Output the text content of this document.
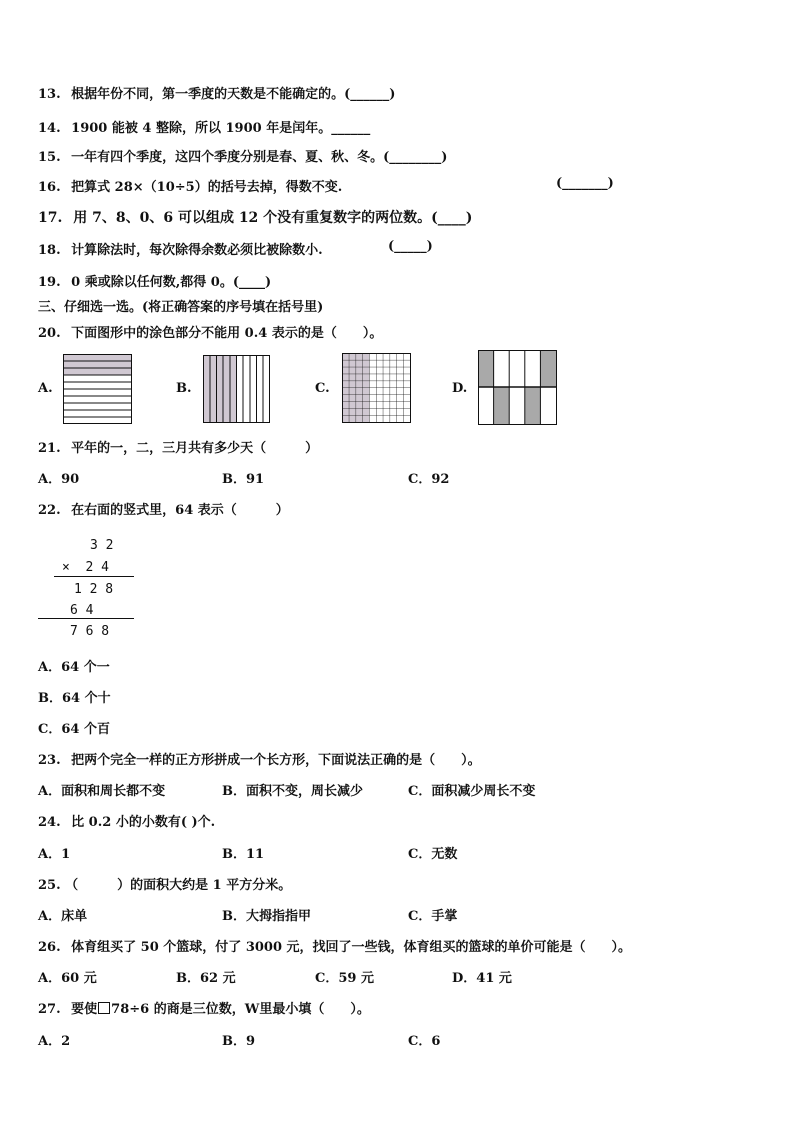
13. 根据年份不同，第一季度的天数是不能确定的。(______)
14. 1900 能被 4 整除，所以 1900 年是闰年。______
15. 一年有四个季度，这四个季度分别是春、夏、秋、冬。(________)
16. 把算式 28×（10÷5）的括号去掉，得数不变.	(_______)
17. 用 7、8、0、6 可以组成 12 个没有重复数字的两位数。(____)
18. 计算除法时，每次除得余数必须比被除数小.	(_____)
19. 0 乘或除以任何数,都得 0。(____)
三、仔细选一选。(将正确答案的序号填在括号里)
20. 下面图形中的涂色部分不能用 0.4 表示的是（　　）。
A.	B.	C.	D.
21. 平年的一，二，三月共有多少天（　　　）
A．90	B．91	C．92
22. 在右面的竖式里，64 表示（　　　）
3 2
×  2 4
1 2 8
6 4
7 6 8
A．64 个一
B．64 个十
C．64 个百
23. 把两个完全一样的正方形拼成一个长方形，下面说法正确的是（　　）。
A．面积和周长都不变	B．面积不变，周长减少	C．面积减少周长不变
24. 比 0.2 小的小数有( )个.
A．1	B．11	C．无数
25. （　　　）的面积大约是 1 平方分米。
A．床单	B．大拇指指甲	C．手掌
26. 体育组买了 50 个篮球，付了 3000 元，找回了一些钱，体育组买的篮球的单价可能是（　　）。
A．60 元	B．62 元	C．59 元	D．41 元
27. 要使 78÷6 的商是三位数，W里最小填（　　）。
A．2	B．9	C．6
